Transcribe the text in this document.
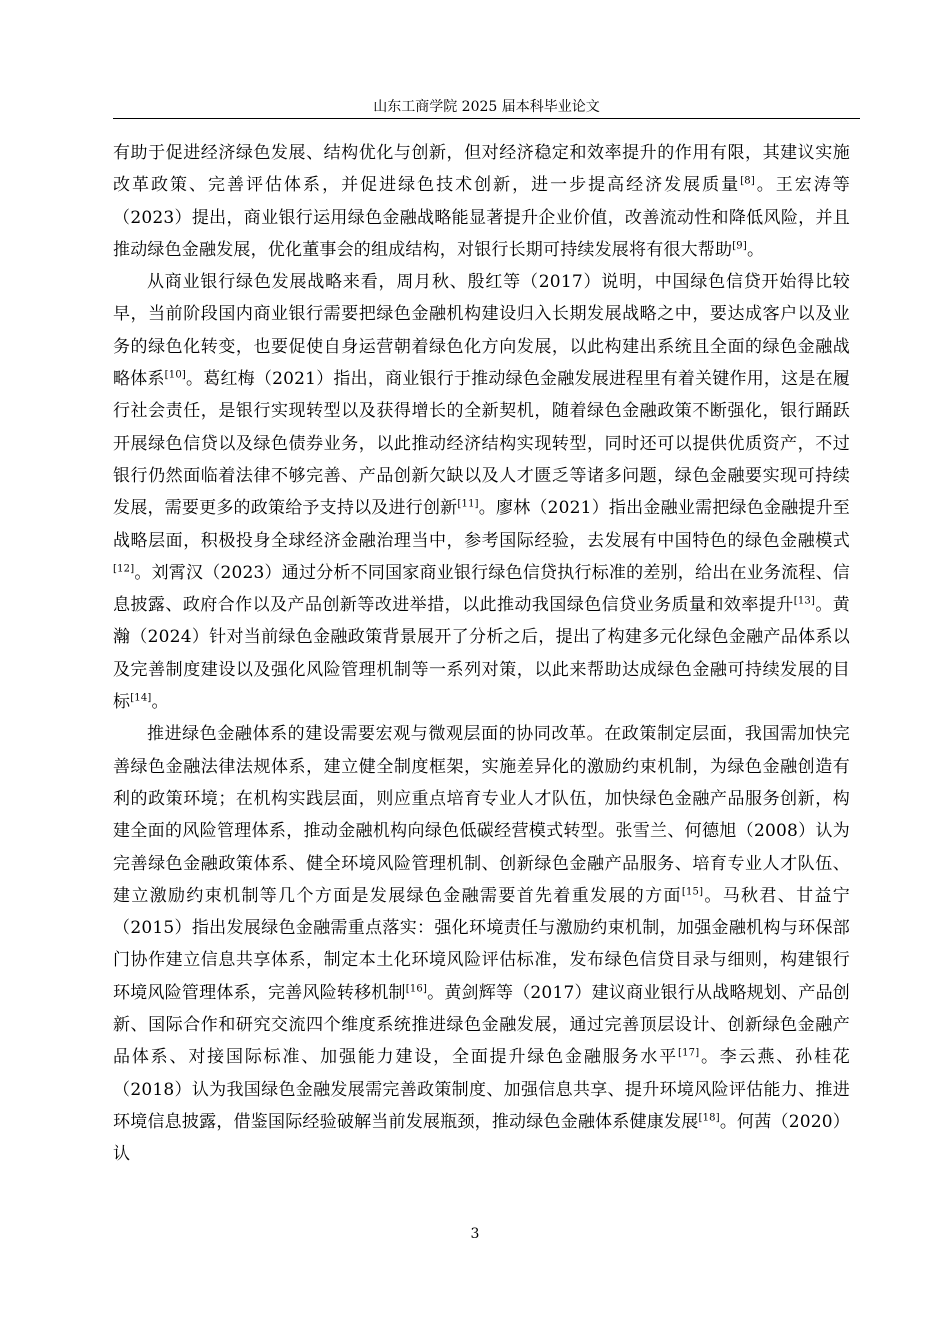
山东工商学院 2025 届本科毕业论文

有助于促进经济绿色发展、结构优化与创新，但对经济稳定和效率提升的作用有限，其建议实施改革政策、完善评估体系，并促进绿色技术创新，进一步提高经济发展质量[8]。王宏涛等（2023）提出，商业银行运用绿色金融战略能显著提升企业价值，改善流动性和降低风险，并且推动绿色金融发展，优化董事会的组成结构，对银行长期可持续发展将有很大帮助[9]。

从商业银行绿色发展战略来看，周月秋、殷红等（2017）说明，中国绿色信贷开始得比较早，当前阶段国内商业银行需要把绿色金融机构建设归入长期发展战略之中，要达成客户以及业务的绿色化转变，也要促使自身运营朝着绿色化方向发展，以此构建出系统且全面的绿色金融战略体系[10]。葛红梅（2021）指出，商业银行于推动绿色金融发展进程里有着关键作用，这是在履行社会责任，是银行实现转型以及获得增长的全新契机，随着绿色金融政策不断强化，银行踊跃开展绿色信贷以及绿色债券业务，以此推动经济结构实现转型，同时还可以提供优质资产，不过银行仍然面临着法律不够完善、产品创新欠缺以及人才匮乏等诸多问题，绿色金融要实现可持续发展，需要更多的政策给予支持以及进行创新[11]。廖林（2021）指出金融业需把绿色金融提升至战略层面，积极投身全球经济金融治理当中，参考国际经验，去发展有中国特色的绿色金融模式[12]。刘霄汉（2023）通过分析不同国家商业银行绿色信贷执行标准的差别，给出在业务流程、信息披露、政府合作以及产品创新等改进举措，以此推动我国绿色信贷业务质量和效率提升[13]。黄瀚（2024）针对当前绿色金融政策背景展开了分析之后，提出了构建多元化绿色金融产品体系以及完善制度建设以及强化风险管理机制等一系列对策，以此来帮助达成绿色金融可持续发展的目标[14]。

推进绿色金融体系的建设需要宏观与微观层面的协同改革。在政策制定层面，我国需加快完善绿色金融法律法规体系，建立健全制度框架，实施差异化的激励约束机制，为绿色金融创造有利的政策环境；在机构实践层面，则应重点培育专业人才队伍，加快绿色金融产品服务创新，构建全面的风险管理体系，推动金融机构向绿色低碳经营模式转型。张雪兰、何德旭（2008）认为完善绿色金融政策体系、健全环境风险管理机制、创新绿色金融产品服务、培育专业人才队伍、建立激励约束机制等几个方面是发展绿色金融需要首先着重发展的方面[15]。马秋君、甘益宁（2015）指出发展绿色金融需重点落实：强化环境责任与激励约束机制，加强金融机构与环保部门协作建立信息共享体系，制定本土化环境风险评估标准，发布绿色信贷目录与细则，构建银行环境风险管理体系，完善风险转移机制[16]。黄剑辉等（2017）建议商业银行从战略规划、产品创新、国际合作和研究交流四个维度系统推进绿色金融发展，通过完善顶层设计、创新绿色金融产品体系、对接国际标准、加强能力建设，全面提升绿色金融服务水平[17]。李云燕、孙桂花（2018）认为我国绿色金融发展需完善政策制度、加强信息共享、提升环境风险评估能力、推进环境信息披露，借鉴国际经验破解当前发展瓶颈，推动绿色金融体系健康发展[18]。何茜（2020）认

3
